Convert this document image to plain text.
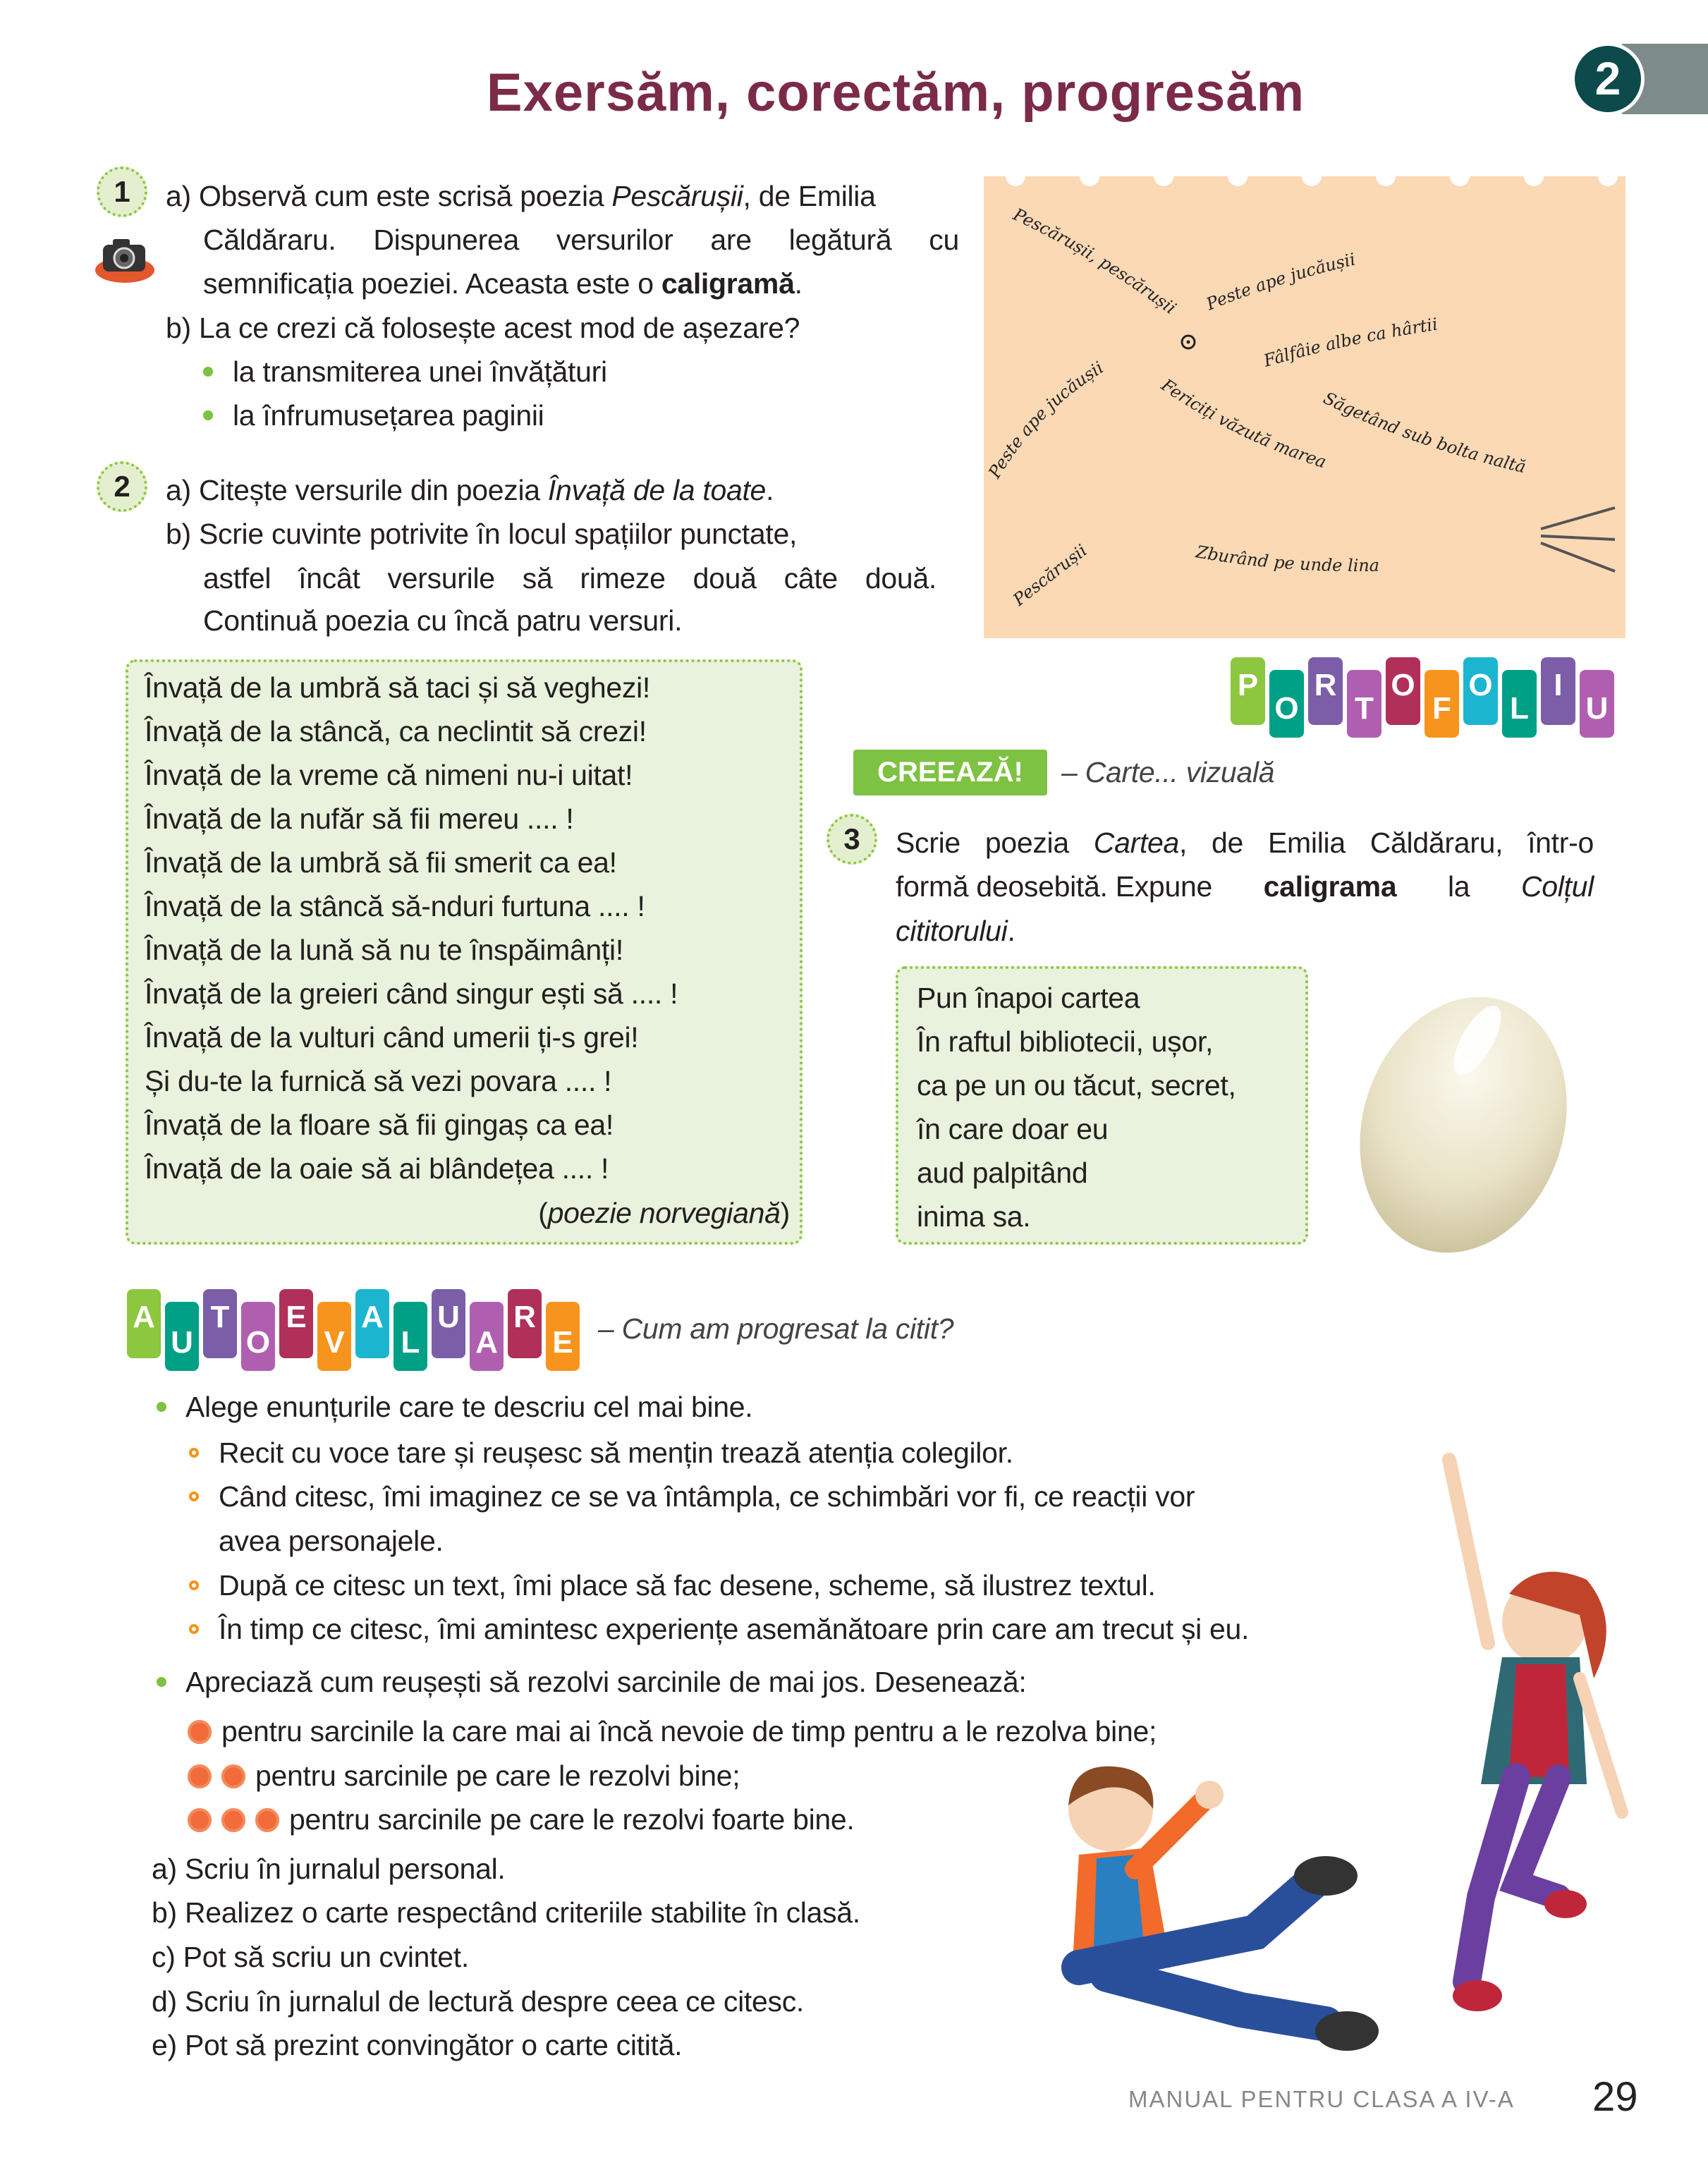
Exersăm, corectăm, progresăm	2
1	a) Observă cum este scrisă poezia Pescărușii, de Emilia
Căldăraru. Dispunerea versurilor are legătură cu
semnificația poeziei. Aceasta este o caligramă.
b) La ce crezi că folosește acest mod de așezare?
la transmiterea unei învățături
la înfrumusețarea paginii
Pescărușii, pescărușii Peste ape jucăușii
Fâlfâie albe ca hârtii
Săgetând sub bolta naltă
Fericiți văzută marea
Peste ape jucăușii
Pescărușii	Zburând pe unde lina
2	a) Citește versurile din poezia Învață de la toate.
b) Scrie cuvinte potrivite în locul spațiilor punctate,
astfel încât versurile să rimeze două câte două.
Continuă poezia cu încă patru versuri.
Învață de la umbră să taci și să veghezi!
Învață de la stâncă, ca neclintit să crezi!
Învață de la vreme că nimeni nu-i uitat!
Învață de la nufăr să fii mereu .... !
Învață de la umbră să fii smerit ca ea!
Învață de la stâncă să-nduri furtuna .... !
Învață de la lună să nu te înspăimânți!
Învață de la greieri când singur ești să .... !
Învață de la vulturi când umerii ți-s grei!
Și du-te la furnică să vezi povara .... !
Învață de la floare să fii gingaș ca ea!
Învață de la oaie să ai blândețea .... !
(poezie norvegiană)
P
O
R
T
O
F
O
L
I
U
CREEAZĂ!	– Carte... vizuală
3	Scrie poezia Cartea, de Emilia Căldăraru, într-o
formă deosebită. Expune caligrama la Colțul
cititorului.
Pun înapoi cartea
În raftul bibliotecii, ușor,
ca pe un ou tăcut, secret,
în care doar eu
aud palpitând
inima sa.
A
U
T
O
E
V
A
L
U
A
R
E – Cum am progresat la citit?
Alege enunțurile care te descriu cel mai bine.
Recit cu voce tare și reușesc să mențin trează atenția colegilor.
Când citesc, îmi imaginez ce se va întâmpla, ce schimbări vor fi, ce reacții vor
avea personajele.
După ce citesc un text, îmi place să fac desene, scheme, să ilustrez textul.
În timp ce citesc, îmi amintesc experiențe asemănătoare prin care am trecut și eu.
Apreciază cum reușești să rezolvi sarcinile de mai jos. Desenează:
pentru sarcinile la care mai ai încă nevoie de timp pentru a le rezolva bine;
pentru sarcinile pe care le rezolvi bine;
pentru sarcinile pe care le rezolvi foarte bine.
a) Scriu în jurnalul personal.
b) Realizez o carte respectând criteriile stabilite în clasă.
c) Pot să scriu un cvintet.
d) Scriu în jurnalul de lectură despre ceea ce citesc.
e) Pot să prezint convingător o carte citită.
MANUAL PENTRU CLASA A IV-A 29
